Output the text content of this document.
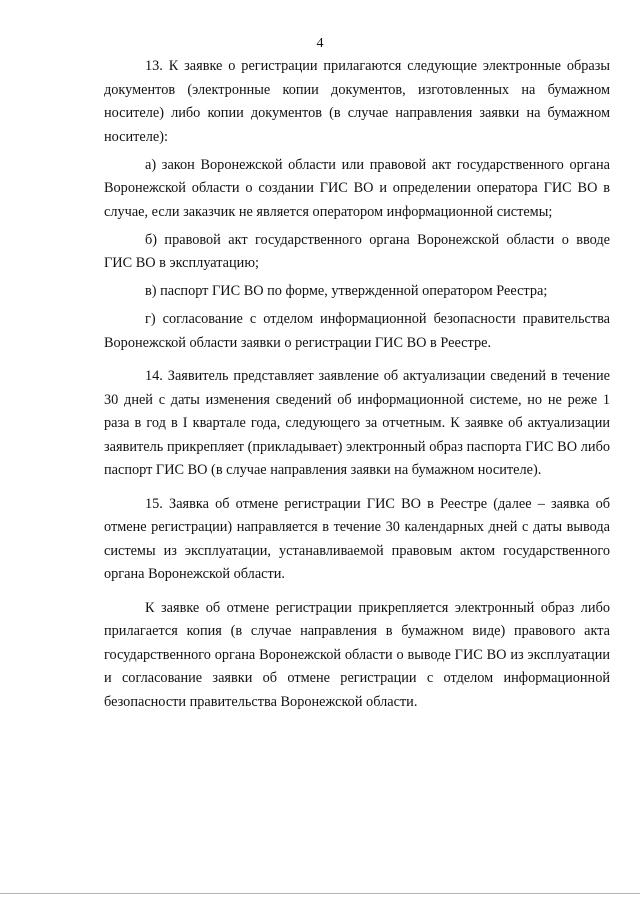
4

13. К заявке о регистрации прилагаются следующие электронные образы документов (электронные копии документов, изготовленных на бумажном носителе) либо копии документов (в случае направления заявки на бумажном носителе):

а) закон Воронежской области или правовой акт государственного органа Воронежской области о создании ГИС ВО и определении оператора ГИС ВО в случае, если заказчик не является оператором информационной системы;

б) правовой акт государственного органа Воронежской области о вводе ГИС ВО в эксплуатацию;

в) паспорт ГИС ВО по форме, утвержденной оператором Реестра;

г) согласование с отделом информационной безопасности правительства Воронежской области заявки о регистрации ГИС ВО в Реестре.

14. Заявитель представляет заявление об актуализации сведений в течение 30 дней с даты изменения сведений об информационной системе, но не реже 1 раза в год в I квартале года, следующего за отчетным. К заявке об актуализации заявитель прикрепляет (прикладывает) электронный образ паспорта ГИС ВО либо паспорт ГИС ВО (в случае направления заявки на бумажном носителе).

15. Заявка об отмене регистрации ГИС ВО в Реестре (далее – заявка об отмене регистрации) направляется в течение 30 календарных дней с даты вывода системы из эксплуатации, устанавливаемой правовым актом государственного органа Воронежской области.

К заявке об отмене регистрации прикрепляется электронный образ либо прилагается копия (в случае направления в бумажном виде) правового акта государственного органа Воронежской области о выводе ГИС ВО из эксплуатации и согласование заявки об отмене регистрации с отделом информационной безопасности правительства Воронежской области.
